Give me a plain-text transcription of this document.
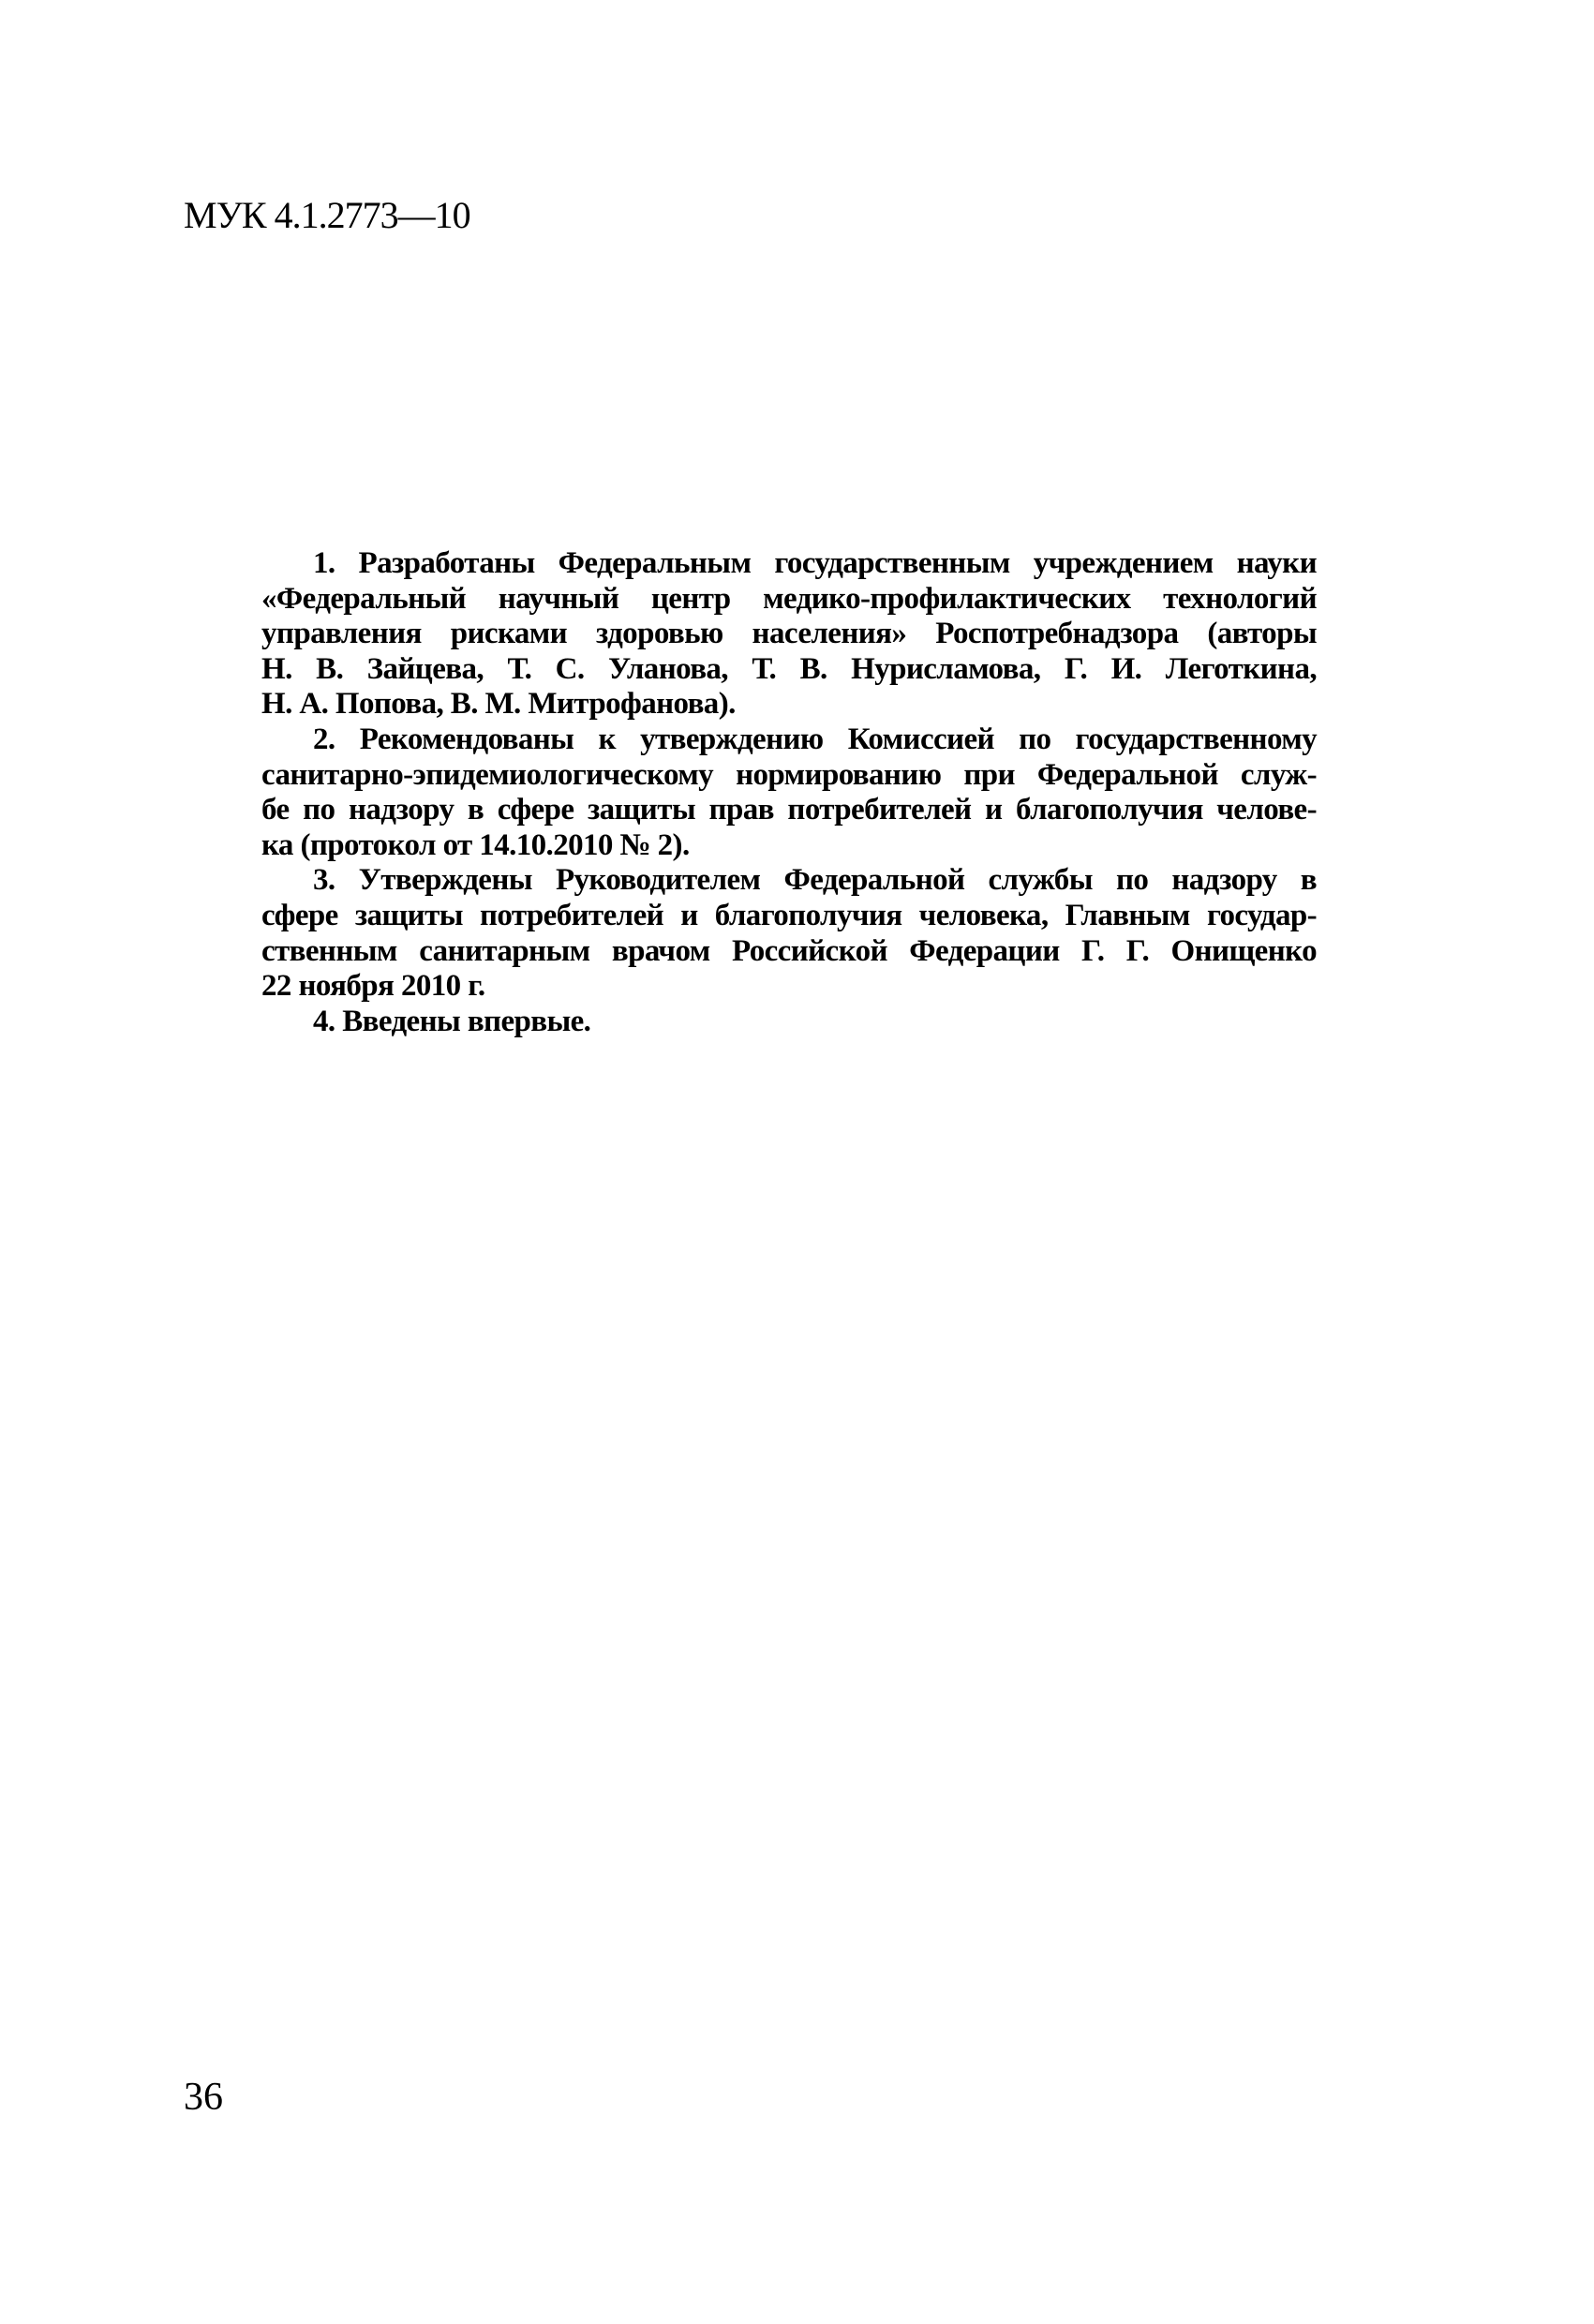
МУК 4.1.2773—10
1. Разработаны Федеральным государственным учреждением науки
«Федеральный научный центр медико-профилактических технологий
управления рисками здоровью населения» Роспотребнадзора (авторы
Н. В. Зайцева, Т. С. Уланова, Т. В. Нурисламова, Г. И. Леготкина,
Н. А. Попова, В. М. Митрофанова).
2. Рекомендованы к утверждению Комиссией по государственному
санитарно-эпидемиологическому нормированию при Федеральной служ-
бе по надзору в сфере защиты прав потребителей и благополучия челове-
ка (протокол от 14.10.2010 № 2).
3. Утверждены Руководителем Федеральной службы по надзору в
сфере защиты потребителей и благополучия человека, Главным государ-
ственным санитарным врачом Российской Федерации Г. Г. Онищенко
22 ноября 2010 г.
4. Введены впервые.
36
